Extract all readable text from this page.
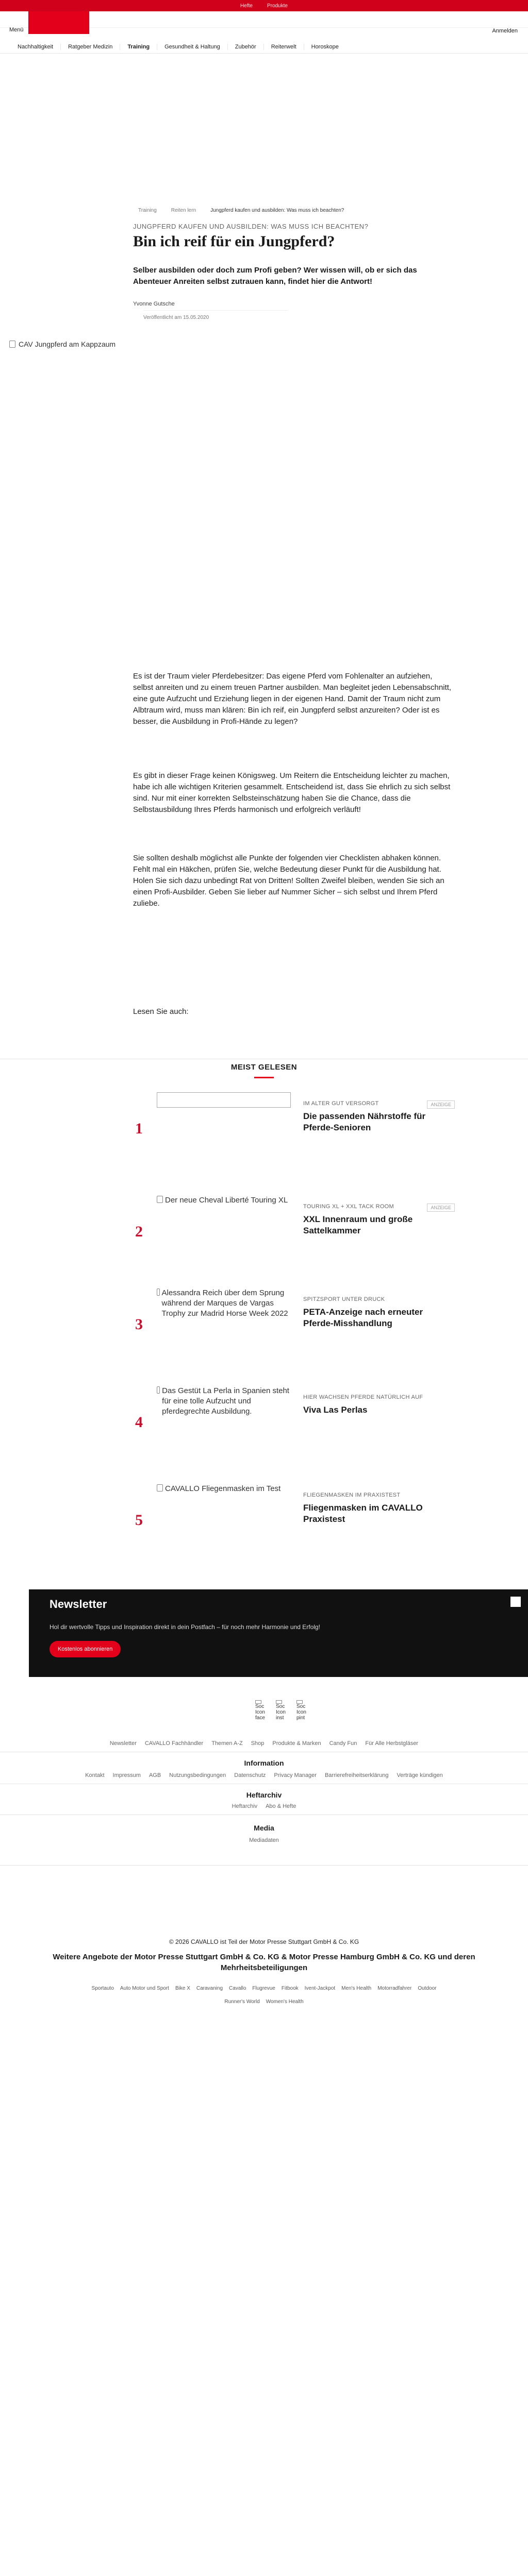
Hefte	Produkte
Menü	Anmelden
Nachhaltigkeit	Ratgeber Medizin	Training	Gesundheit & Haltung	Zubehör	Reiterwelt	Horoskope
Training	Reiten lern	Jungpferd kaufen und ausbilden: Was muss ich beachten?
JUNGPFERD KAUFEN UND AUSBILDEN: WAS MUSS ICH BEACHTEN?
Bin ich reif für ein Jungpferd?

Selber ausbilden oder doch zum Profi geben? Wer wissen will, ob er sich das Abenteuer Anreiten selbst zutrauen kann, findet hier die Antwort!

Yvonne Gutsche
Veröffentlicht am 15.05.2020
CAV Jungpferd am Kappzaum

Es ist der Traum vieler Pferdebesitzer: Das eigene Pferd vom Fohlenalter an aufziehen, selbst anreiten und zu einem treuen Partner ausbilden. Man begleitet jeden Lebensabschnitt, eine gute Aufzucht und Erziehung liegen in der eigenen Hand. Damit der Traum nicht zum Albtraum wird, muss man klären: Bin ich reif, ein Jungpferd selbst anzureiten? Oder ist es besser, die Ausbildung in Profi-Hände zu legen?

Es gibt in dieser Frage keinen Königsweg. Um Reitern die Entscheidung leichter zu machen, habe ich alle wichtigen Kriterien gesammelt. Entscheidend ist, dass Sie ehrlich zu sich selbst sind. Nur mit einer korrekten Selbsteinschätzung haben Sie die Chance, dass die Selbstausbildung Ihres Pferds harmonisch und erfolgreich verläuft!

Sie sollten deshalb möglichst alle Punkte der folgenden vier Checklisten abhaken können. Fehlt mal ein Häkchen, prüfen Sie, welche Bedeutung dieser Punkt für die Ausbildung hat. Holen Sie sich dazu unbedingt Rat von Dritten! Sollten Zweifel bleiben, wenden Sie sich an einen Profi-Ausbilder. Geben Sie lieber auf Nummer Sicher – sich selbst und Ihrem Pferd zuliebe.

Lesen Sie auch:

MEIST GELESEN
1
IM ALTER GUT VERSORGT	ANZEIGE
Die passenden Nährstoffe für Pferde-Senioren
2
Der neue Cheval Liberté Touring XL
TOURING XL + XXL TACK ROOM	ANZEIGE
XXL Innenraum und große Sattelkammer
3
Alessandra Reich über dem Sprung während der Marques de Vargas Trophy zur Madrid Horse Week 2022
SPITZSPORT UNTER DRUCK
PETA-Anzeige nach erneuter Pferde-Misshandlung
4
Das Gestüt La Perla in Spanien steht für eine tolle Aufzucht und pferdegrechte Ausbildung.
HIER WACHSEN PFERDE NATÜRLICH AUF
Viva Las Perlas
5
CAVALLO Fliegenmasken im Test
FLIEGENMASKEN IM PRAXISTEST
Fliegenmasken im CAVALLO Praxistest
Newsletter

Hol dir wertvolle Tipps und Inspiration direkt in dein Postfach – für noch mehr Harmonie und Erfolg!

Kostenlos abonnieren
Soc Icon face
Soc Icon inst
Soc Icon pint
Newsletter CAVALLO Fachhändler Themen A-Z Shop Produkte & Marken Candy Fun Für Alle Herbstgläser
Information
Kontakt Impressum AGB Nutzungsbedingungen Datenschutz Privacy Manager Barrierefreiheitserklärung Verträge kündigen
Heftarchiv
Heftarchiv Abo & Hefte
Media
Mediadaten
© 2026 CAVALLO ist Teil der Motor Presse Stuttgart GmbH & Co. KG
Weitere Angebote der Motor Presse Stuttgart GmbH & Co. KG & Motor Presse Hamburg GmbH & Co. KG und deren Mehrheitsbeteiligungen
Sportauto Auto Motor und Sport Bike X Caravaning Cavallo Flugrevue Fitbook Ivent-Jackpot Men's Health Motorradfahrer Outdoor
Runner's World Women's Health
